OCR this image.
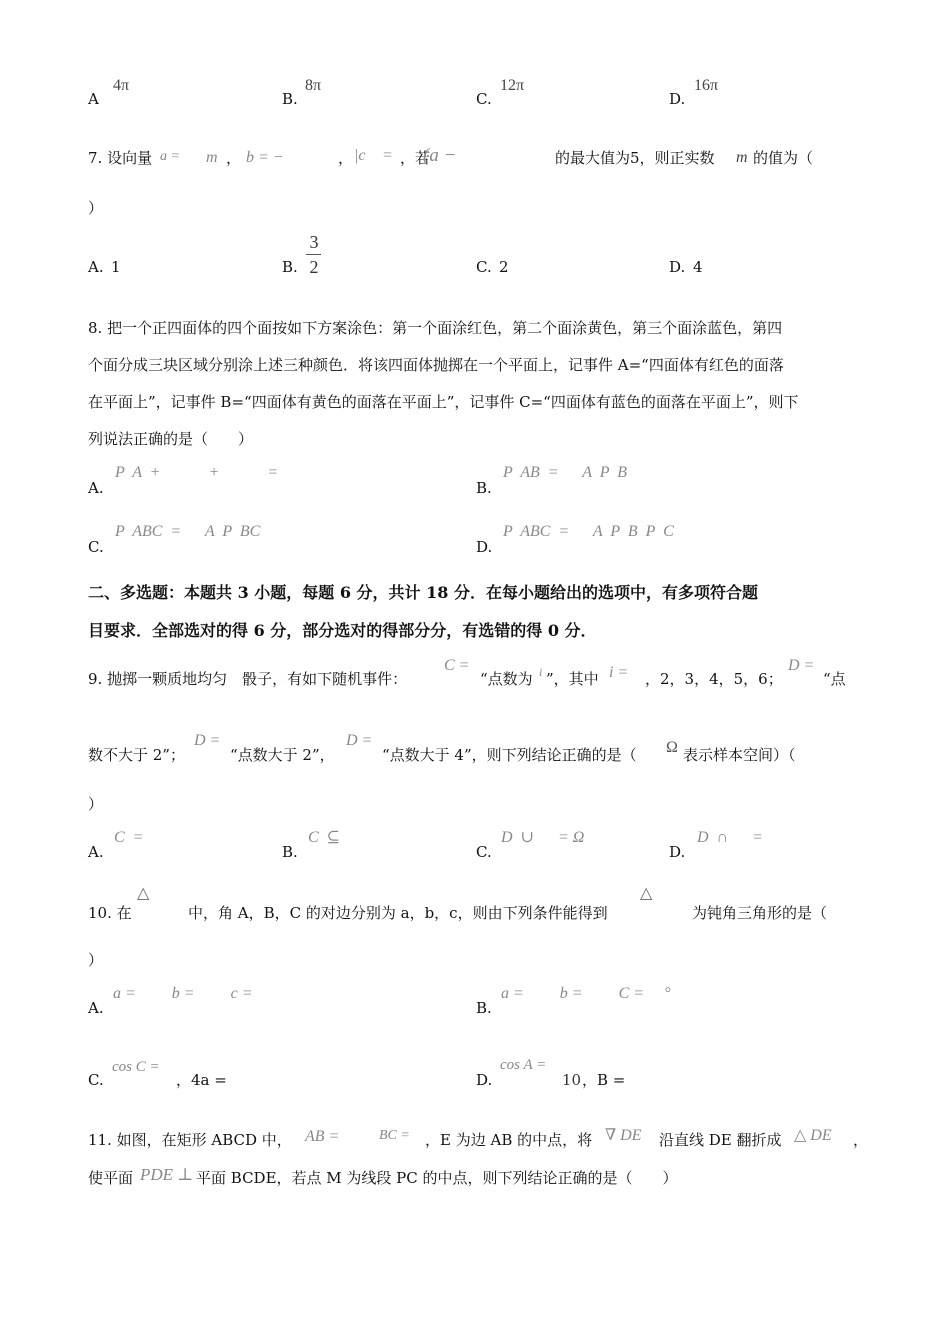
A
4π
B.
8π
C.
12π
D.
16π
7. 设向量 a = m ， b = −	， |c⃗ = ，若
(a −	的最大值为5，则正实数 m 的值为（
）
A. 1	B.
3
2	C. 2	D. 4
8. 把一个正四面体的四个面按如下方案涂色：第一个面涂红色，第二个面涂黄色，第三个面涂蓝色，第四
个面分成三块区域分别涂上述三种颜色．将该四面体抛掷在一个平面上，记事件 A=“四面体有红色的面落
在平面上”，记事件 B=“四面体有黄色的面落在平面上”，记事件 C=“四面体有蓝色的面落在平面上”，则下
列说法正确的是（　　）
A.
P  A  +            +            =
B.
P  AB  =      A  P  B
C.
P  ABC  =      A  P  BC
D.
P  ABC  =      A  P  B  P  C
二、多选题：本题共 3 小题，每题 6 分，共计 18 分．在每小题给出的选项中，有多项符合题
目要求．全部选对的得 6 分，部分选对的得部分分，有选错的得 0 分．
9. 抛掷一颗质地均匀　骰子，有如下随机事件：
C =
“点数为 i ”，其中 i = ，2，3，4，5，6；
D =
“点
数不大于 2”；
D =
“点数大于 2”，
D =
“点数大于 4”，则下列结论正确的是（ Ω 表示样本空间）（
）
A.
C  =
B.
C  ⊆
C.
D  ∪      = Ω
D.
D  ∩      =
10. 在
△
中，角 A，B，C 的对边分别为 a，b，c，则由下列条件能得到
△
为钝角三角形的是（
）
A.
a =         b =         c =
B.
a =         b =         C =     °
C.
cos C =
，4a =	D.
cos A =
10 ，B =
11. 如图，在矩形 ABCD 中， AB =	BC = ，E 为边 AB 的中点，将 ∇ DE 沿直线 DE 翻折成 △ DE ，
使平面 PDE ⊥ 平面 BCDE，若点 M 为线段 PC 的中点，则下列结论正确的是（　　）
